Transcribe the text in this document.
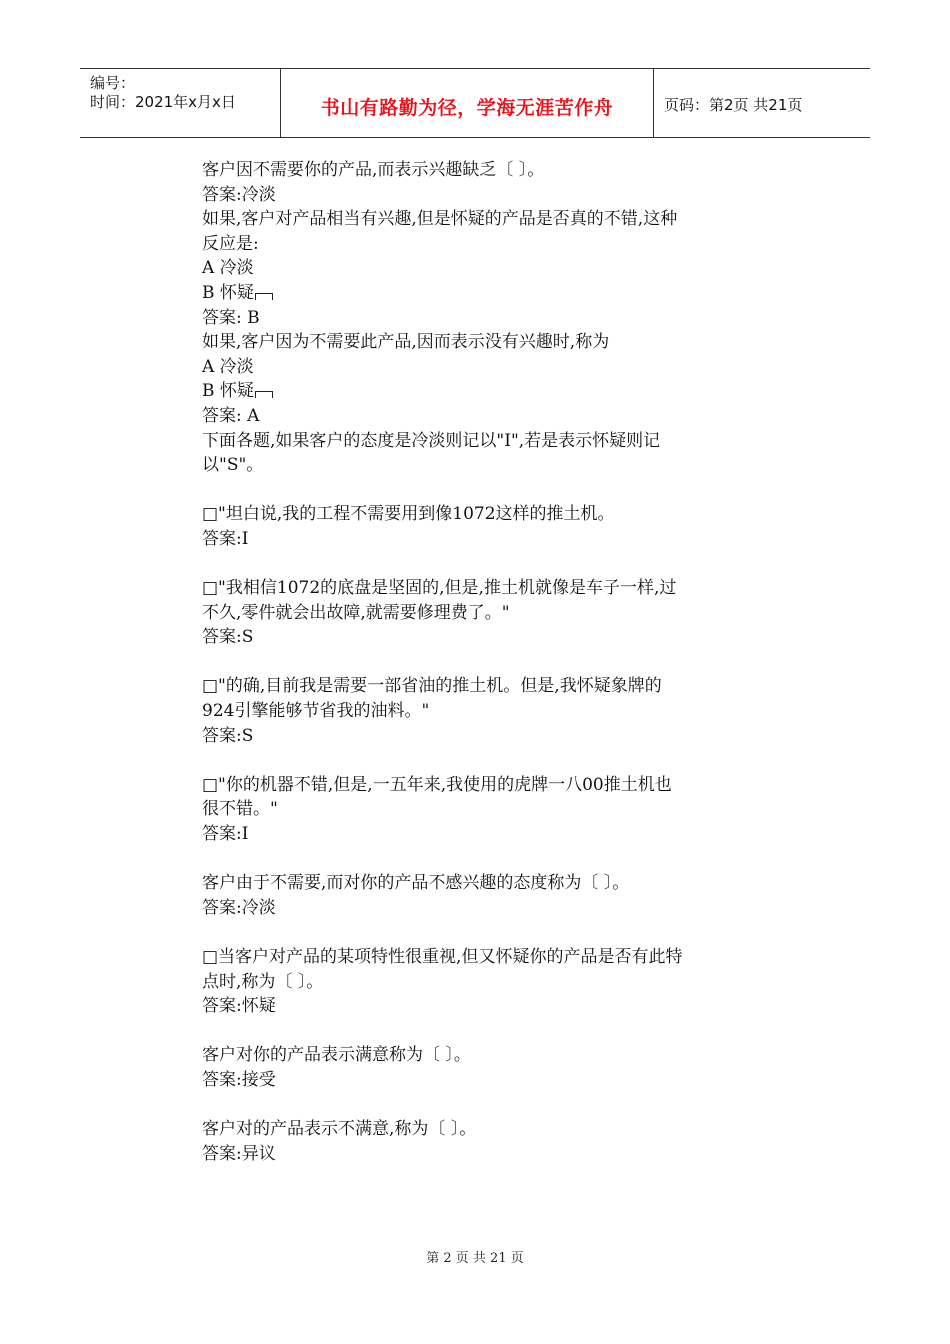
编号：
时间：2021年x月x日	书山有路勤为径，学海无涯苦作舟	页码：第2页 共21页
客户因不需要你的产品,而表示兴趣缺乏〔 〕。
答案:冷淡
如果,客户对产品相当有兴趣,但是怀疑的产品是否真的不错,这种
反应是:
A 冷淡
B 怀疑
答案: B
如果,客户因为不需要此产品,因而表示没有兴趣时,称为
A 冷淡
B 怀疑
答案: A
下面各题,如果客户的态度是冷淡则记以"I",若是表示怀疑则记
以"S"。
□"坦白说,我的工程不需要用到像1072这样的推土机。
答案:I
□"我相信1072的底盘是坚固的,但是,推土机就像是车子一样,过
不久,零件就会出故障,就需要修理费了。"
答案:S
□"的确,目前我是需要一部省油的推土机。但是,我怀疑象牌的
924引擎能够节省我的油料。"
答案:S
□"你的机器不错,但是,一五年来,我使用的虎牌一八00推土机也
很不错。"
答案:I
客户由于不需要,而对你的产品不感兴趣的态度称为〔 〕。
答案:冷淡
□当客户对产品的某项特性很重视,但又怀疑你的产品是否有此特
点时,称为〔 〕。
答案:怀疑
客户对你的产品表示满意称为〔 〕。
答案:接受
客户对的产品表示不满意,称为〔 〕。
答案:异议
第 2 页 共 21 页
